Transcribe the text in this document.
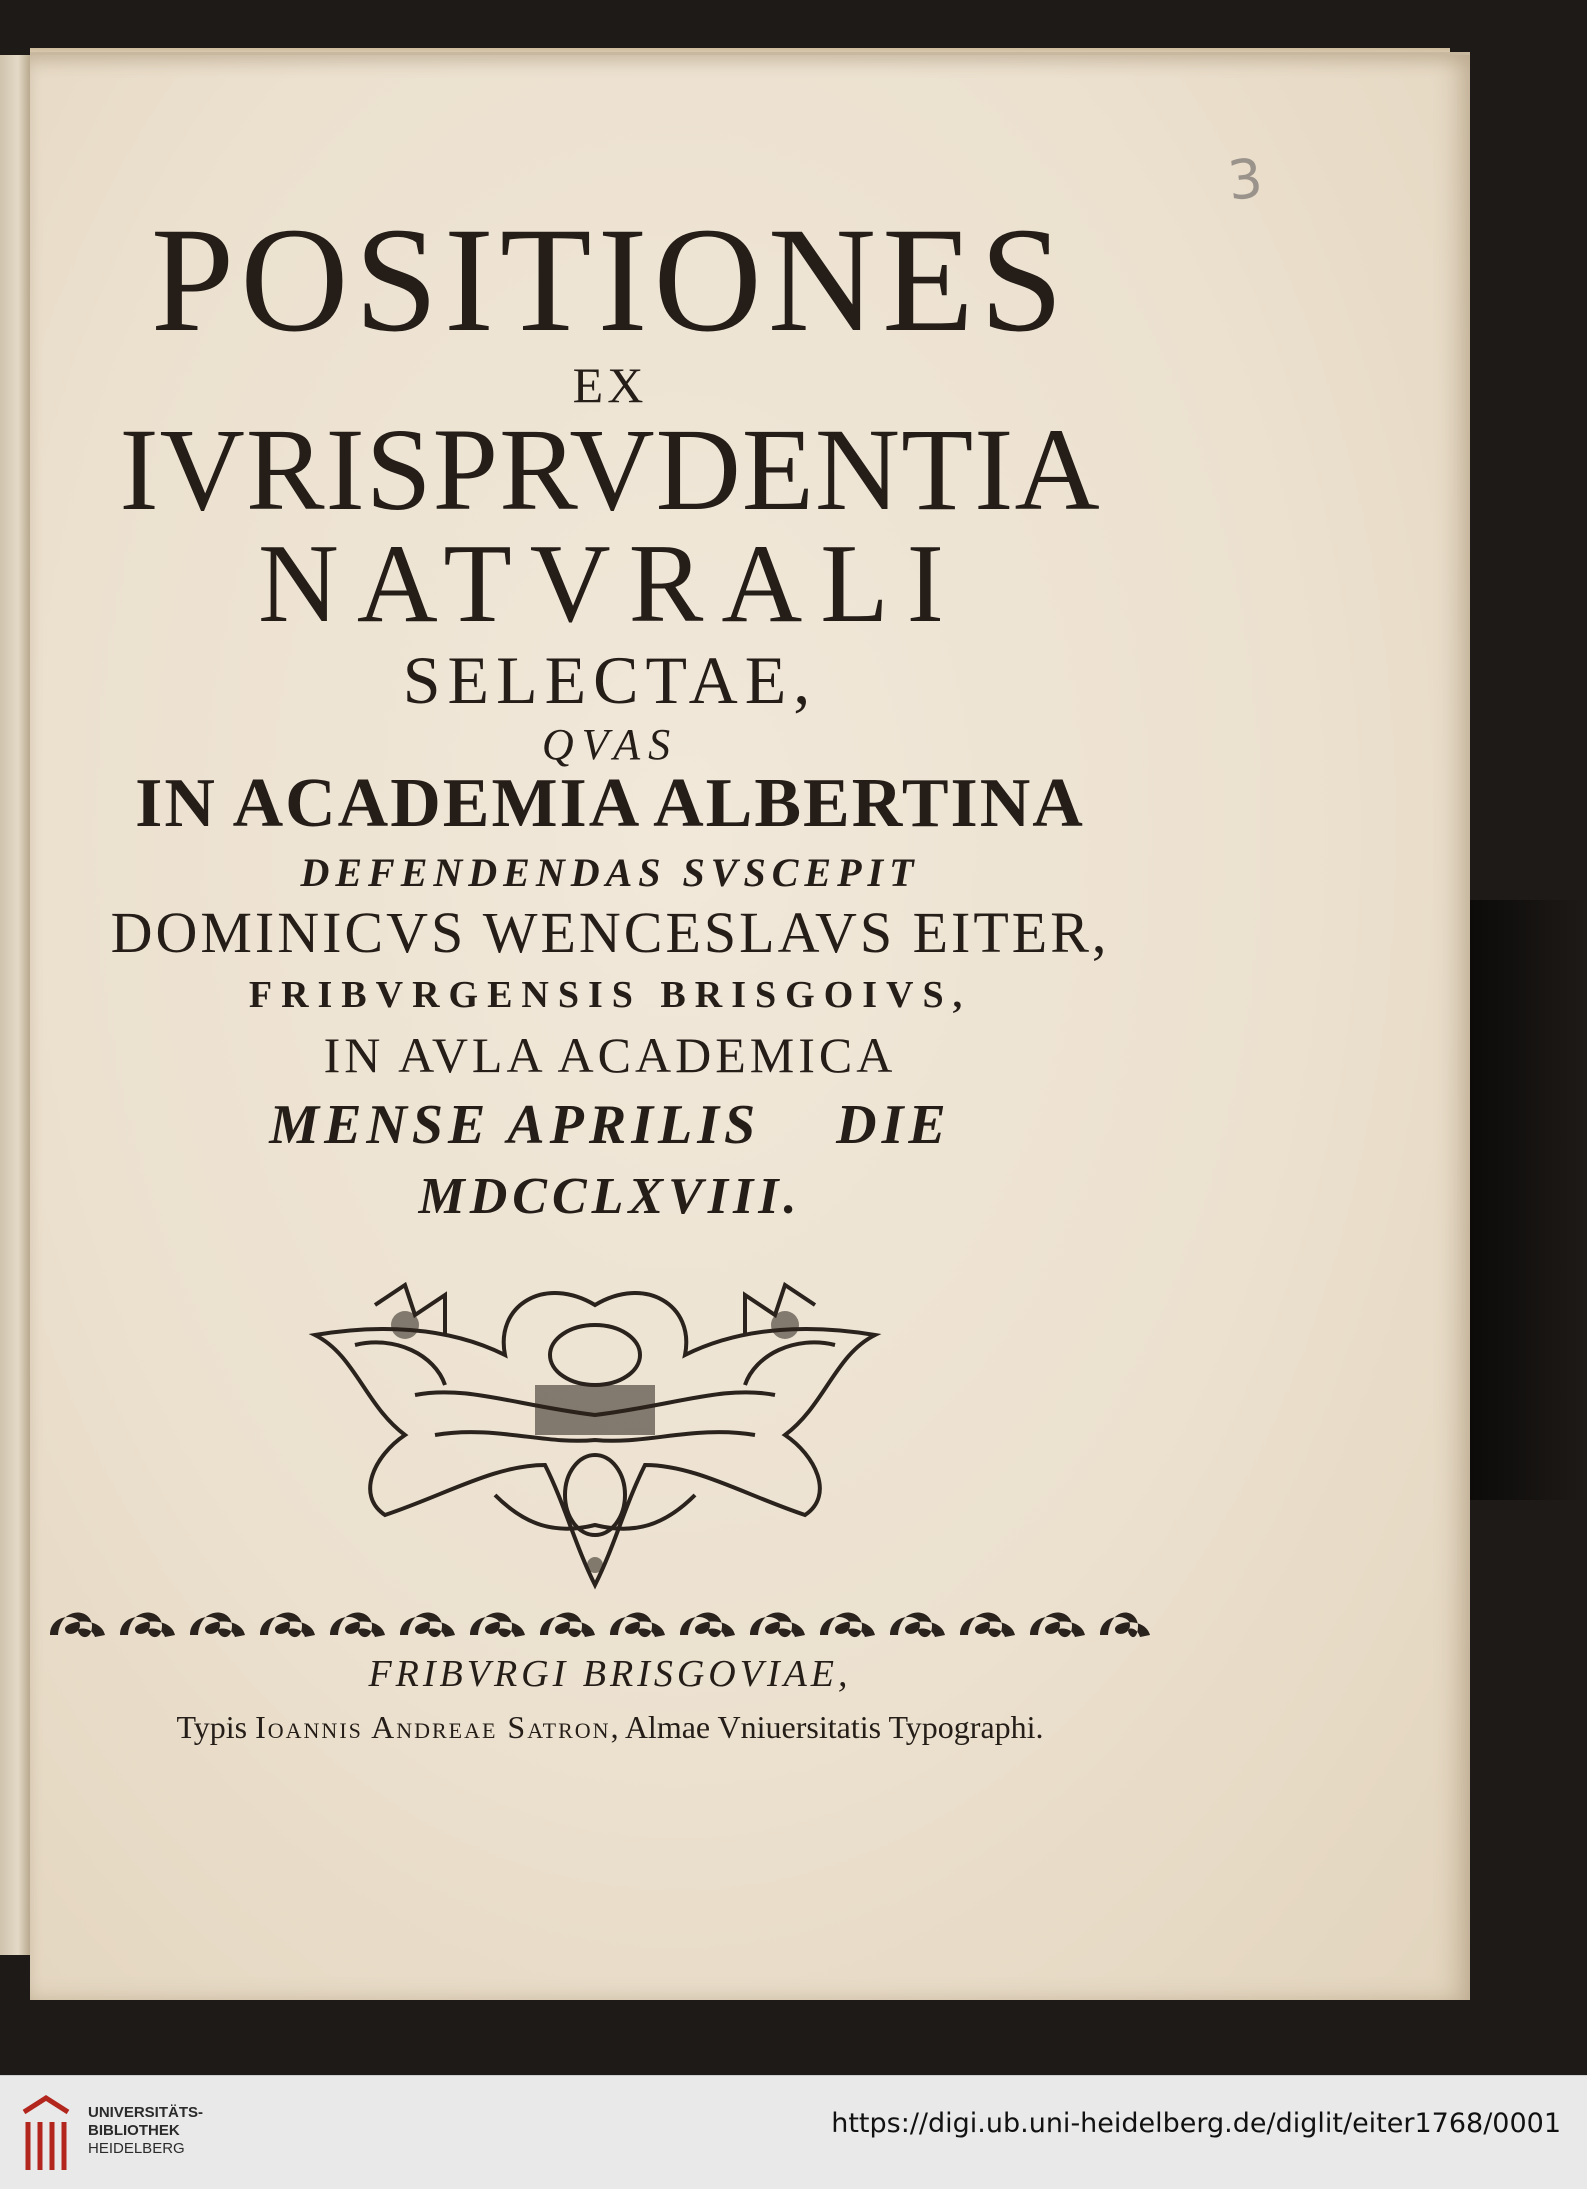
3
POSITIONES
EX
IVRISPRVDENTIA
NATVRALI
SELECTAE,
QVAS
IN ACADEMIA ALBERTINA
DEFENDENDAS SVSCEPIT
DOMINICVS WENCESLAVS EITER,
FRIBVRGENSIS BRISGOIVS,
IN AVLA ACADEMICA
MENSE APRILIS    DIE
MDCCLXVIII.
FRIBVRGI BRISGOVIAE,
Typis Ioannis Andreae Satron, Almae Vniuersitatis Typographi.
UNIVERSITÄTS-
BIBLIOTHEK
HEIDELBERG
https://digi.ub.uni-heidelberg.de/diglit/eiter1768/0001
